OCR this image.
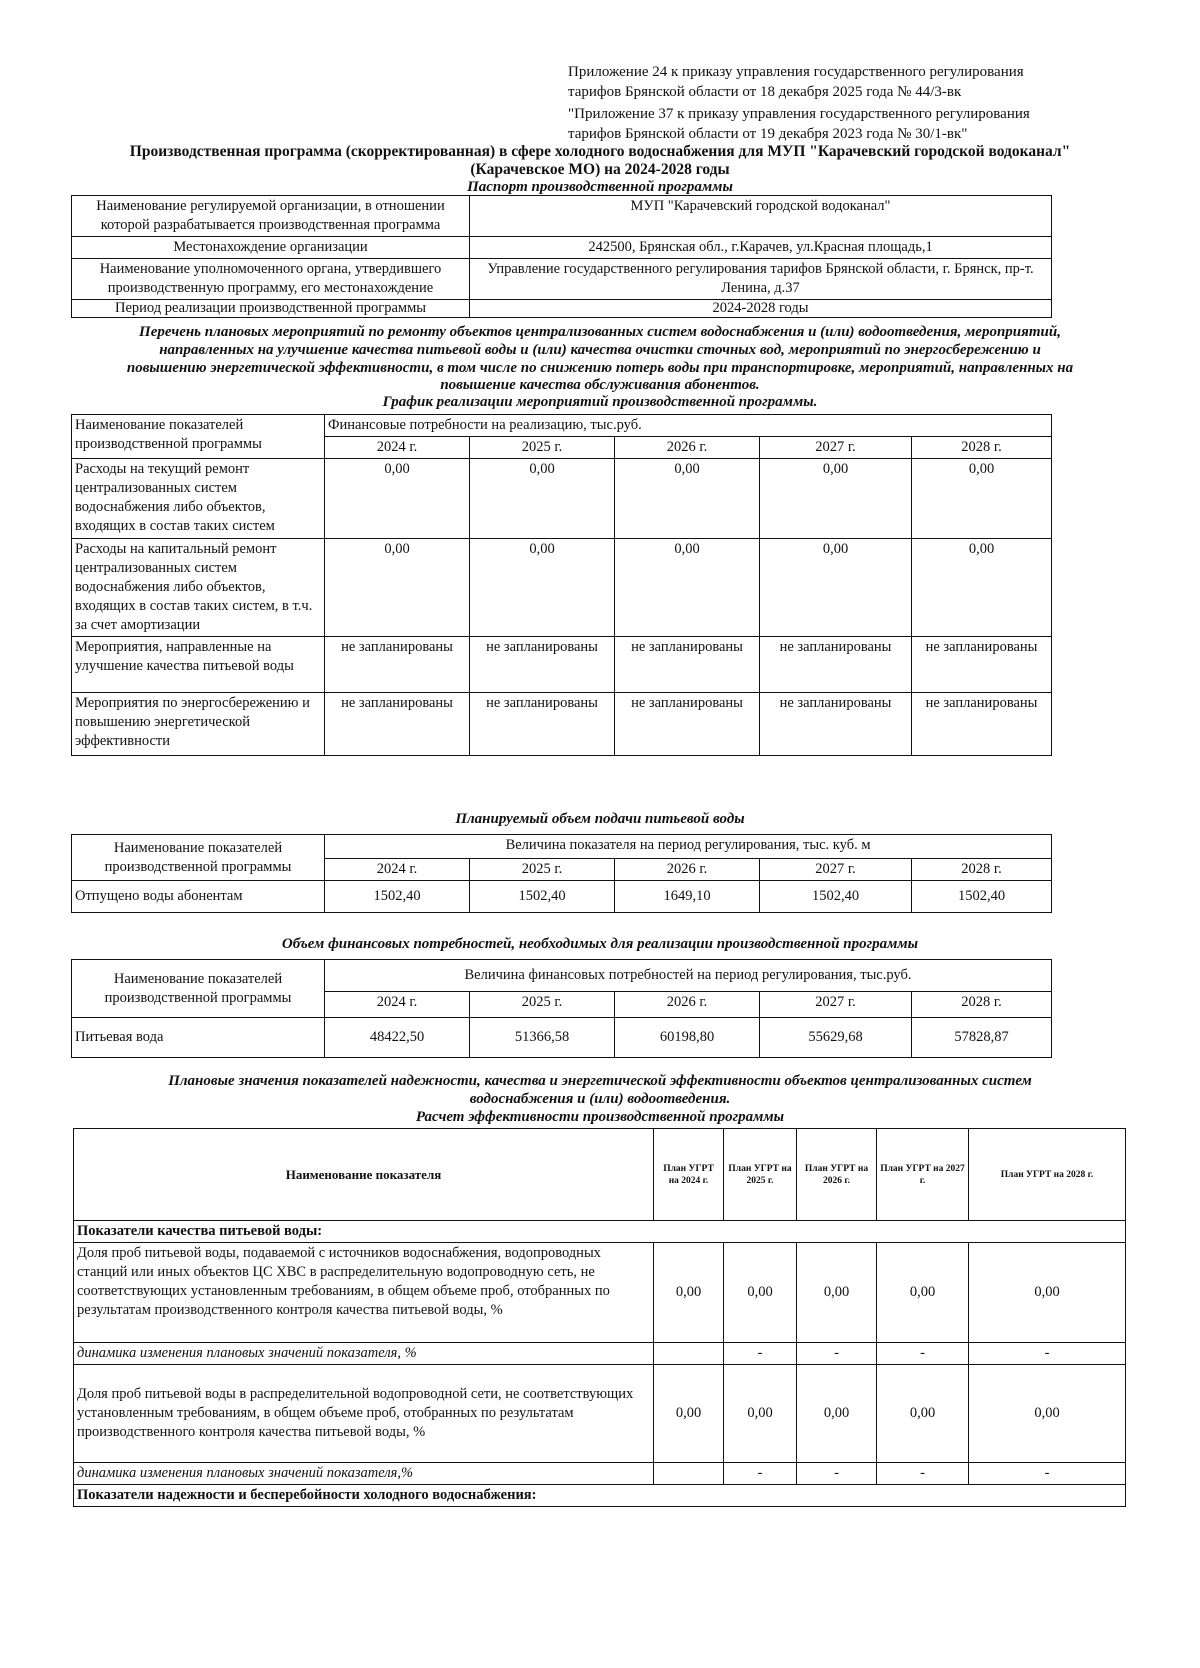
Приложение 24 к приказу управления государственного регулирования
тарифов Брянской области от 18 декабря 2025 года № 44/3-вк
"Приложение 37 к приказу управления государственного регулирования
тарифов Брянской области от 19 декабря 2023 года № 30/1-вк"
Производственная программа (скорректированная) в сфере холодного водоснабжения для МУП "Карачевский городской водоканал"
(Карачевское МО) на 2024-2028 годы
Паспорт производственной программы
Наименование регулируемой организации, в отношении которой разрабатывается производственная программа	МУП "Карачевский городской водоканал"
Местонахождение организации	242500, Брянская обл., г.Карачев, ул.Красная площадь,1
Наименование уполномоченного органа, утвердившего производственную программу, его местонахождение	Управление государственного регулирования тарифов Брянской области, г. Брянск, пр-т. Ленина, д.37
Период реализации производственной программы	2024-2028 годы
Перечень плановых мероприятий по ремонту объектов централизованных систем водоснабжения и (или) водоотведения, мероприятий,
направленных на улучшение качества питьевой воды и (или) качества очистки сточных вод, мероприятий по энергосбережению и
повышению энергетической эффективности, в том числе по снижению потерь воды при транспортировке, мероприятий, направленных на
повышение качества обслуживания абонентов.
График реализации мероприятий производственной программы.
Наименование показателей производственной программы	Финансовые потребности на реализацию, тыс.руб.				
	2024 г.	2025 г.	2026 г.	2027 г.	2028 г.
Расходы на текущий ремонт централизованных систем водоснабжения либо объектов, входящих в состав таких систем	0,00	0,00	0,00	0,00	0,00
Расходы на капитальный ремонт централизованных систем водоснабжения либо объектов, входящих в состав таких систем, в т.ч. за счет амортизации	0,00	0,00	0,00	0,00	0,00
Мероприятия, направленные на улучшение качества питьевой воды	не запланированы	не запланированы	не запланированы	не запланированы	не запланированы
Мероприятия по энергосбережению и повышению энергетической эффективности	не запланированы	не запланированы	не запланированы	не запланированы	не запланированы
Планируемый объем подачи питьевой воды
Наименование показателей производственной программы	Величина показателя на период регулирования, тыс. куб. м				
	2024 г.	2025 г.	2026 г.	2027 г.	2028 г.
Отпущено воды абонентам	1502,40	1502,40	1649,10	1502,40	1502,40
Объем финансовых потребностей, необходимых для реализации производственной программы
Наименование показателей производственной программы	Величина финансовых потребностей на период регулирования, тыс.руб.				
	2024 г.	2025 г.	2026 г.	2027 г.	2028 г.
Питьевая вода	48422,50	51366,58	60198,80	55629,68	57828,87
Плановые значения показателей надежности, качества и энергетической эффективности объектов централизованных систем
водоснабжения и (или) водоотведения.
Расчет эффективности производственной программы
Наименование показателя	План УГРТ на 2024 г.	План УГРТ на 2025 г.	План УГРТ на 2026 г.	План УГРТ на 2027 г.	План УГРТ на 2028 г.
Показатели качества питьевой воды:					
Доля проб питьевой воды, подаваемой с источников водоснабжения, водопроводных станций или иных объектов ЦС ХВС в распределительную водопроводную сеть, не соответствующих установленным требованиям, в общем объеме проб, отобранных по результатам производственного контроля качества питьевой воды, %	0,00	0,00	0,00	0,00	0,00
динамика изменения плановых значений показателя, %		-	-	-	-
Доля проб питьевой воды в распределительной водопроводной сети, не соответствующих установленным требованиям, в общем объеме проб, отобранных по результатам производственного контроля качества питьевой воды, %	0,00	0,00	0,00	0,00	0,00
динамика изменения плановых значений показателя,%		-	-	-	-
Показатели надежности и бесперебойности холодного водоснабжения:					
